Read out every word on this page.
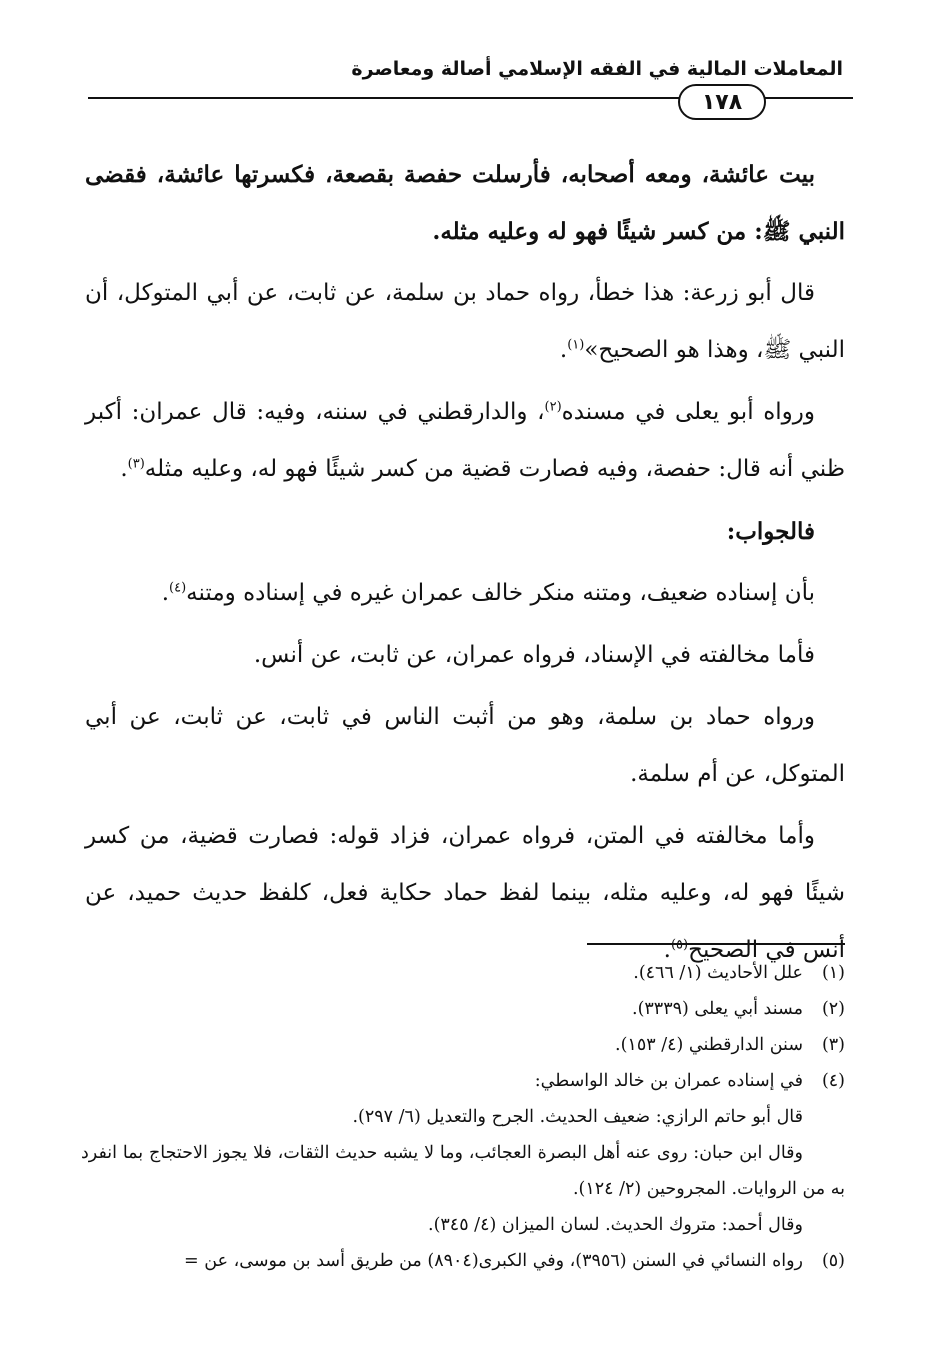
المعاملات المالية في الفقه الإسلامي أصالة ومعاصرة
١٧٨

بيت عائشة، ومعه أصحابه، فأرسلت حفصة بقصعة، فكسرتها عائشة، فقضى النبي ﷺ: من كسر شيئًا فهو له وعليه مثله.

قال أبو زرعة: هذا خطأ، رواه حماد بن سلمة، عن ثابت، عن أبي المتوكل، أن النبي ﷺ، وهذا هو الصحيح»$^{(١)}$.

ورواه أبو يعلى في مسنده$^{(٢)}$، والدارقطني في سننه، وفيه: قال عمران: أكبر ظني أنه قال: حفصة، وفيه فصارت قضية من كسر شيئًا فهو له، وعليه مثله$^{(٣)}$.

فالجواب:

بأن إسناده ضعيف، ومتنه منكر خالف عمران غيره في إسناده ومتنه$^{(٤)}$.

فأما مخالفته في الإسناد، فرواه عمران، عن ثابت، عن أنس.

ورواه حماد بن سلمة، وهو من أثبت الناس في ثابت، عن ثابت، عن أبي المتوكل، عن أم سلمة.

وأما مخالفته في المتن، فرواه عمران، فزاد قوله: فصارت قضية، من كسر شيئًا فهو له، وعليه مثله، بينما لفظ حماد حكاية فعل، كلفظ حديث حميد، عن أنس في الصحيح$^{(٥)}$.

(١)
علل الأحاديث (١/ ٤٦٦).
(٢)
مسند أبي يعلى (٣٣٣٩).
(٣)
سنن الدارقطني (٤/ ١٥٣).
(٤)
في إسناده عمران بن خالد الواسطي:
قال أبو حاتم الرازي: ضعيف الحديث. الجرح والتعديل (٦/ ٢٩٧).
وقال ابن حبان: روى عنه أهل البصرة العجائب، وما لا يشبه حديث الثقات، فلا يجوز الاحتجاج بما انفرد به من الروايات. المجروحين (٢/ ١٢٤).
وقال أحمد: متروك الحديث. لسان الميزان (٤/ ٣٤٥).
(٥)
رواه النسائي في السنن (٣٩٥٦)، وفي الكبرى(٨٩٠٤) من طريق أسد بن موسى، عن =
